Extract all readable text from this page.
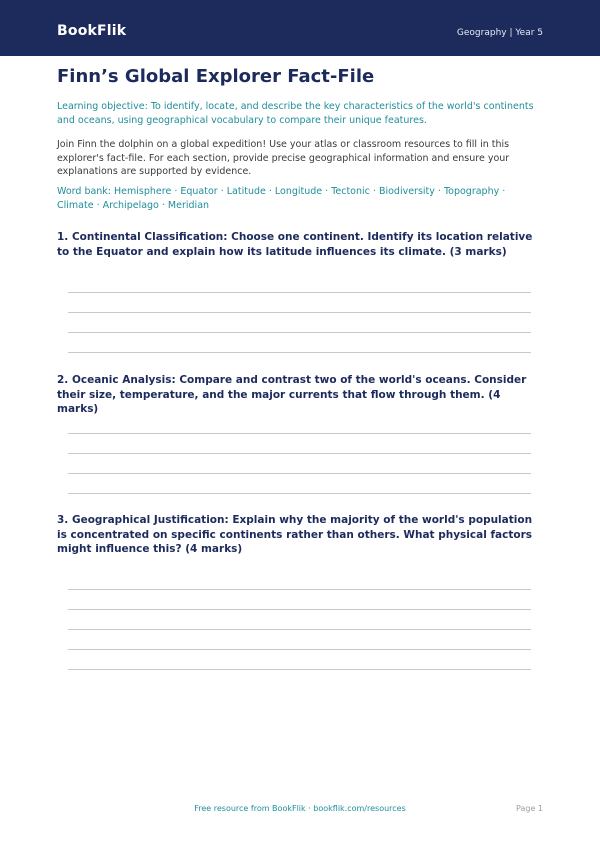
BookFlik	Geography | Year 5
Finn’s Global Explorer Fact-File
Learning objective: To identify, locate, and describe the key characteristics of the world's continents and oceans, using geographical vocabulary to compare their unique features.
Join Finn the dolphin on a global expedition! Use your atlas or classroom resources to fill in this explorer's fact-file. For each section, provide precise geographical information and ensure your explanations are supported by evidence.
Word bank: Hemisphere · Equator · Latitude · Longitude · Tectonic · Biodiversity · Topography · Climate · Archipelago · Meridian
1. Continental Classification: Choose one continent. Identify its location relative to the Equator and explain how its latitude influences its climate. (3 marks)
2. Oceanic Analysis: Compare and contrast two of the world's oceans. Consider their size, temperature, and the major currents that flow through them. (4 marks)
3. Geographical Justification: Explain why the majority of the world's population is concentrated on specific continents rather than others. What physical factors might influence this? (4 marks)
Free resource from BookFlik · bookflik.com/resources	Page 1
